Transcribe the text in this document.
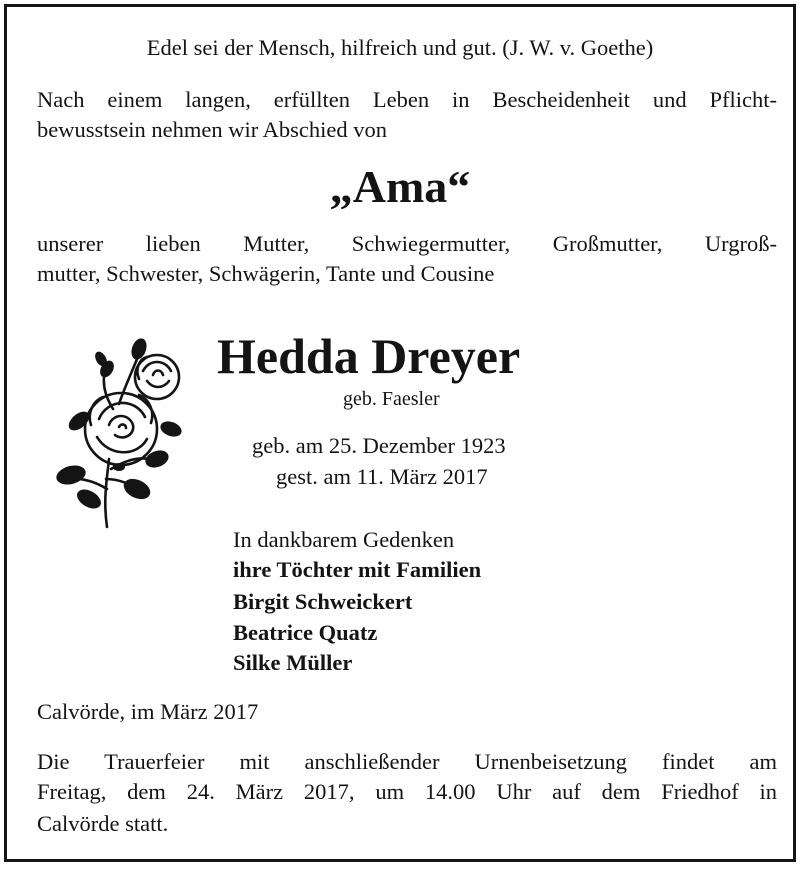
Edel sei der Mensch, hilfreich und gut. (J. W. v. Goethe)

Nach einem langen, erfüllten Leben in Bescheidenheit und Pflicht-

bewusstsein nehmen wir Abschied von

„Ama“

unserer lieben Mutter, Schwiegermutter, Großmutter, Urgroß-

mutter, Schwester, Schwägerin, Tante und Cousine

Hedda Dreyer

geb. Faesler

geb. am 25. Dezember 1923

gest. am 11. März 2017

In dankbarem Gedenken

ihre Töchter mit Familien

Birgit Schweickert

Beatrice Quatz

Silke Müller

Calvörde, im März 2017

Die Trauerfeier mit anschließender Urnenbeisetzung findet am

Freitag, dem 24. März 2017, um 14.00 Uhr auf dem Friedhof in

Calvörde statt.
